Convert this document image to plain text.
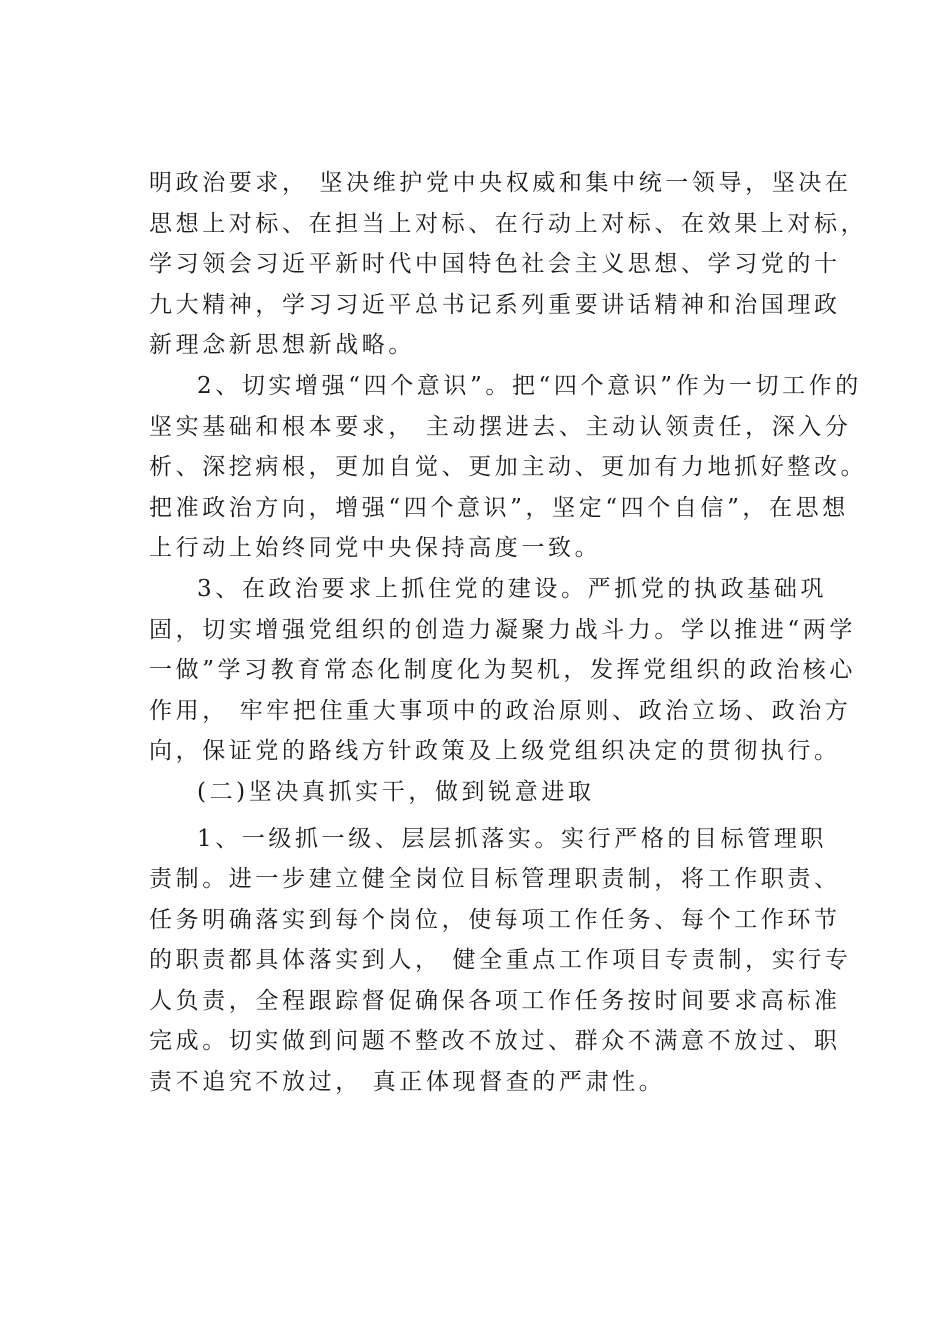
明政治要求， 坚决维护党中央权威和集中统一领导，坚决在
思想上对标、在担当上对标、在行动上对标、在效果上对标，
学习领会习近平新时代中国特色社会主义思想、学习党的十
九大精神，学习习近平总书记系列重要讲话精神和治国理政
新理念新思想新战略。

2、切实增强“四个意识”。把“四个意识”作为一切工作的
坚实基础和根本要求， 主动摆进去、主动认领责任，深入分
析、深挖病根，更加自觉、更加主动、更加有力地抓好整改。
把准政治方向，增强“四个意识”，坚定“四个自信”，在思想
上行动上始终同党中央保持高度一致。

3、在政治要求上抓住党的建设。严抓党的执政基础巩
固，切实增强党组织的创造力凝聚力战斗力。学以推进“两学
一做”学习教育常态化制度化为契机，发挥党组织的政治核心
作用， 牢牢把住重大事项中的政治原则、政治立场、政治方
向，保证党的路线方针政策及上级党组织决定的贯彻执行。

(二)坚决真抓实干，做到锐意进取

1、一级抓一级、层层抓落实。实行严格的目标管理职
责制。进一步建立健全岗位目标管理职责制，将工作职责、
任务明确落实到每个岗位，使每项工作任务、每个工作环节
的职责都具体落实到人， 健全重点工作项目专责制，实行专
人负责，全程跟踪督促确保各项工作任务按时间要求高标准
完成。切实做到问题不整改不放过、群众不满意不放过、职
责不追究不放过， 真正体现督查的严肃性。
